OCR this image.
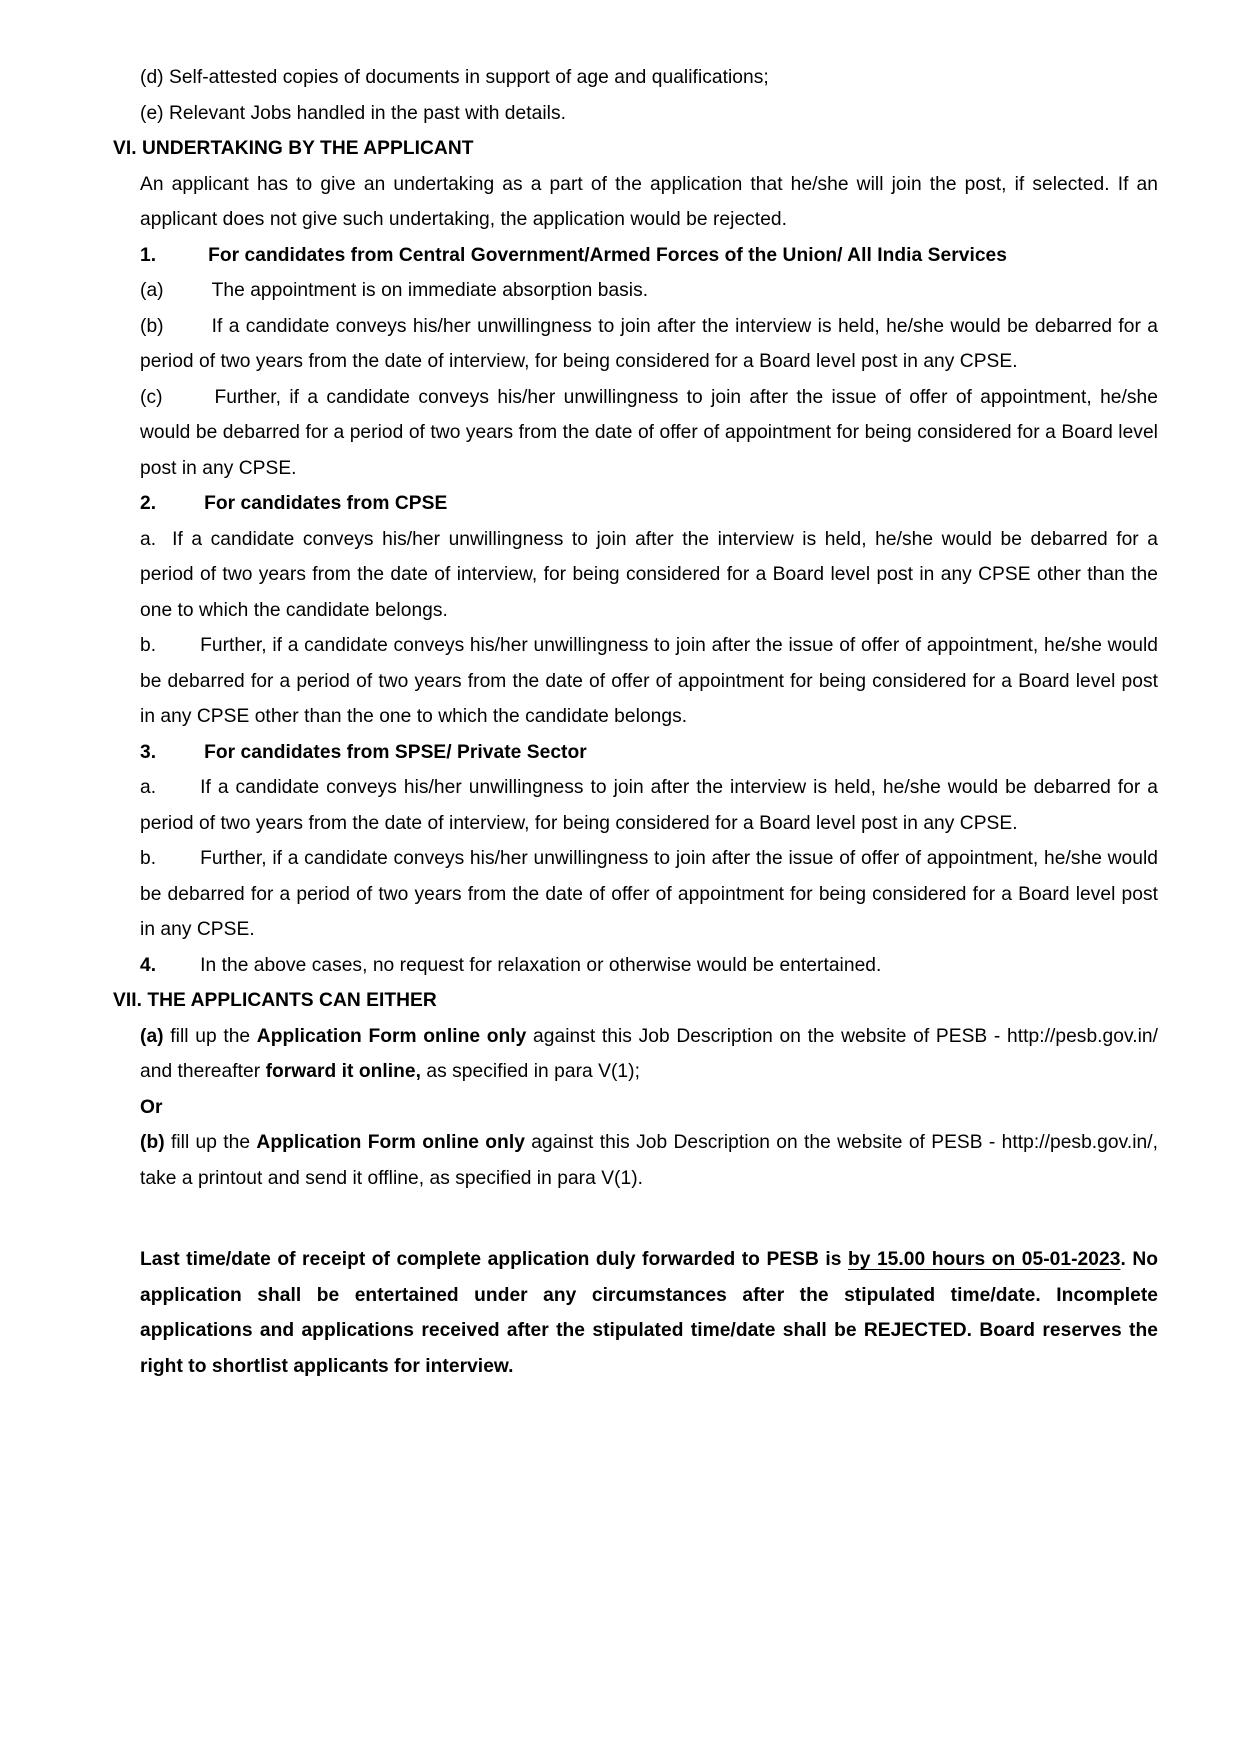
(d) Self-attested copies of documents in support of age and qualifications;

(e) Relevant Jobs handled in the past with details.

VI. UNDERTAKING BY THE APPLICANT

An applicant has to give an undertaking as a part of the application that he/she will join the post, if selected. If an applicant does not give such undertaking, the application would be rejected.

1.	For candidates from Central Government/Armed Forces of the Union/ All India Services

(a)	The appointment is on immediate absorption basis.

(b)	If a candidate conveys his/her unwillingness to join after the interview is held, he/she would be debarred for a period of two years from the date of interview, for being considered for a Board level post in any CPSE.

(c)	Further, if a candidate conveys his/her unwillingness to join after the issue of offer of appointment, he/she would be debarred for a period of two years from the date of offer of appointment for being considered for a Board level post in any CPSE.

2.	For candidates from CPSE

a. If a candidate conveys his/her unwillingness to join after the interview is held, he/she would be debarred for a period of two years from the date of interview, for being considered for a Board level post in any CPSE other than the one to which the candidate belongs.

b. Further, if a candidate conveys his/her unwillingness to join after the issue of offer of appointment, he/she would be debarred for a period of two years from the date of offer of appointment for being considered for a Board level post in any CPSE other than the one to which the candidate belongs.

3.	For candidates from SPSE/ Private Sector

a. If a candidate conveys his/her unwillingness to join after the interview is held, he/she would be debarred for a period of two years from the date of interview, for being considered for a Board level post in any CPSE.

b. Further, if a candidate conveys his/her unwillingness to join after the issue of offer of appointment, he/she would be debarred for a period of two years from the date of offer of appointment for being considered for a Board level post in any CPSE.

4. In the above cases, no request for relaxation or otherwise would be entertained.

VII. THE APPLICANTS CAN EITHER

(a) fill up the Application Form online only against this Job Description on the website of PESB - http://pesb.gov.in/ and thereafter forward it online, as specified in para V(1);

Or

(b) fill up the Application Form online only against this Job Description on the website of PESB - http://pesb.gov.in/, take a printout and send it offline, as specified in para V(1).

Last time/date of receipt of complete application duly forwarded to PESB is by 15.00 hours on 05-01-2023. No application shall be entertained under any circumstances after the stipulated time/date. Incomplete applications and applications received after the stipulated time/date shall be REJECTED. Board reserves the right to shortlist applicants for interview.
